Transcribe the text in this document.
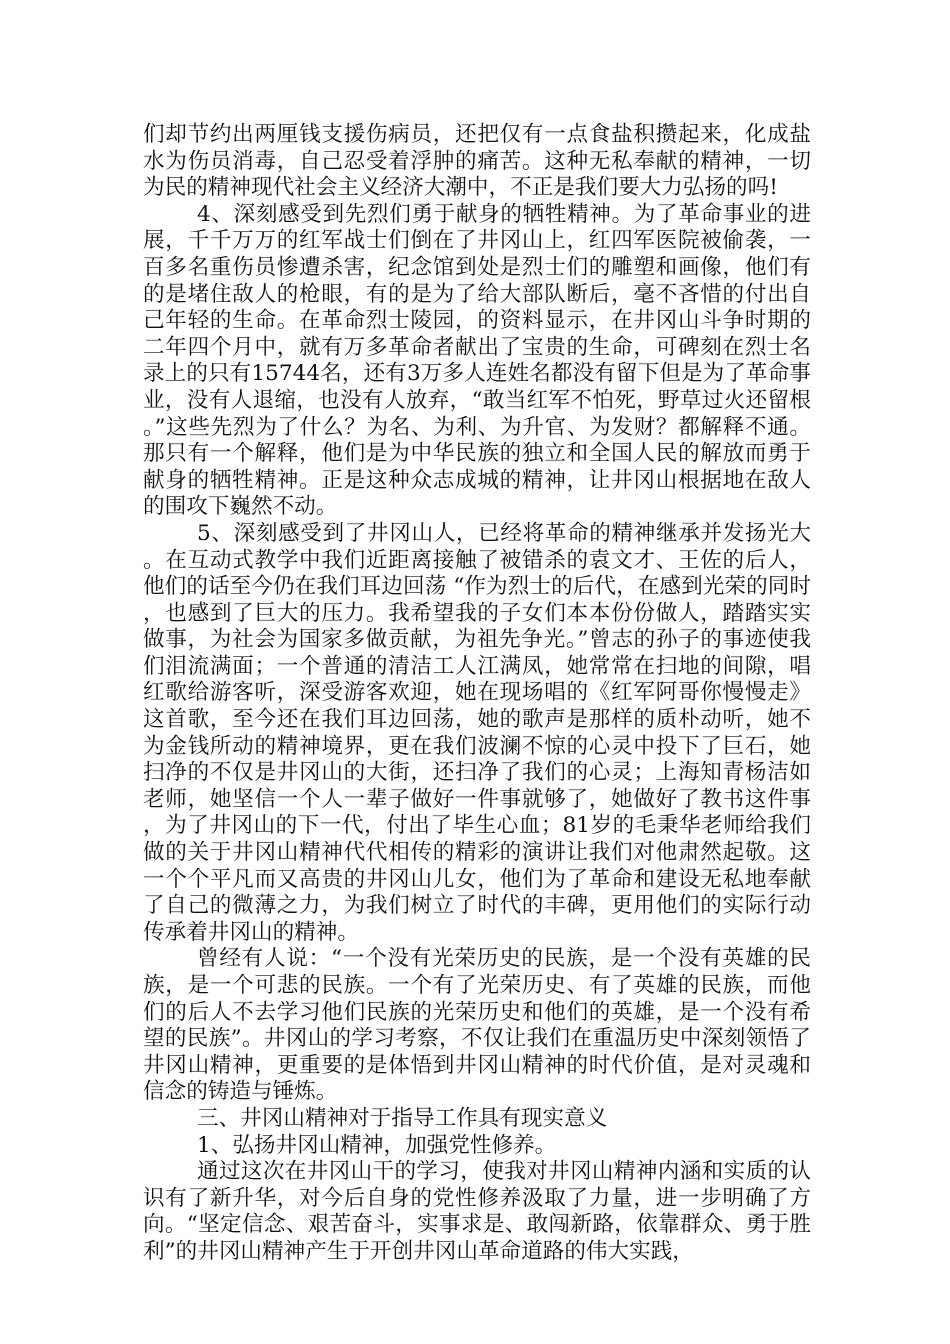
们却节约出两厘钱支援伤病员，还把仅有一点食盐积攒起来，化成盐水为伤员消毒，自己忍受着浮肿的痛苦。这种无私奉献的精神，一切为民的精神现代社会主义经济大潮中，不正是我们要大力弘扬的吗!

4、深刻感受到先烈们勇于献身的牺牲精神。为了革命事业的进展，千千万万的红军战士们倒在了井冈山上，红四军医院被偷袭，一百多名重伤员惨遭杀害，纪念馆到处是烈士们的雕塑和画像，他们有的是堵住敌人的枪眼，有的是为了给大部队断后，毫不吝惜的付出自己年轻的生命。在革命烈士陵园，的资料显示，在井冈山斗争时期的二年四个月中，就有万多革命者献出了宝贵的生命，可碑刻在烈士名录上的只有15744名，还有3万多人连姓名都没有留下但是为了革命事业，没有人退缩，也没有人放弃，“敢当红军不怕死，野草过火还留根。”这些先烈为了什么？为名、为利、为升官、为发财？都解释不通。那只有一个解释，他们是为中华民族的独立和全国人民的解放而勇于献身的牺牲精神。正是这种众志成城的精神，让井冈山根据地在敌人的围攻下巍然不动。

5、深刻感受到了井冈山人，已经将革命的精神继承并发扬光大。在互动式教学中我们近距离接触了被错杀的袁文才、王佐的后人，他们的话至今仍在我们耳边回荡 “作为烈士的后代，在感到光荣的同时，也感到了巨大的压力。我希望我的子女们本本份份做人，踏踏实实做事，为社会为国家多做贡献，为祖先争光。”曾志的孙子的事迹使我们泪流满面；一个普通的清洁工人江满凤，她常常在扫地的间隙，唱红歌给游客听，深受游客欢迎，她在现场唱的《红军阿哥你慢慢走》这首歌，至今还在我们耳边回荡，她的歌声是那样的质朴动听，她不为金钱所动的精神境界，更在我们波澜不惊的心灵中投下了巨石，她扫净的不仅是井冈山的大街，还扫净了我们的心灵；上海知青杨洁如老师，她坚信一个人一辈子做好一件事就够了，她做好了教书这件事，为了井冈山的下一代，付出了毕生心血；81岁的毛秉华老师给我们做的关于井冈山精神代代相传的精彩的演讲让我们对他肃然起敬。这一个个平凡而又高贵的井冈山儿女，他们为了革命和建设无私地奉献了自己的微薄之力，为我们树立了时代的丰碑，更用他们的实际行动传承着井冈山的精神。

曾经有人说：“一个没有光荣历史的民族，是一个没有英雄的民族，是一个可悲的民族。一个有了光荣历史、有了英雄的民族，而他们的后人不去学习他们民族的光荣历史和他们的英雄，是一个没有希望的民族”。井冈山的学习考察，不仅让我们在重温历史中深刻领悟了井冈山精神，更重要的是体悟到井冈山精神的时代价值，是对灵魂和信念的铸造与锤炼。

三、井冈山精神对于指导工作具有现实意义

1、弘扬井冈山精神，加强党性修养。

通过这次在井冈山干的学习，使我对井冈山精神内涵和实质的认识有了新升华，对今后自身的党性修养汲取了力量，进一步明确了方向。“坚定信念、艰苦奋斗，实事求是、敢闯新路，依靠群众、勇于胜利”的井冈山精神产生于开创井冈山革命道路的伟大实践，
